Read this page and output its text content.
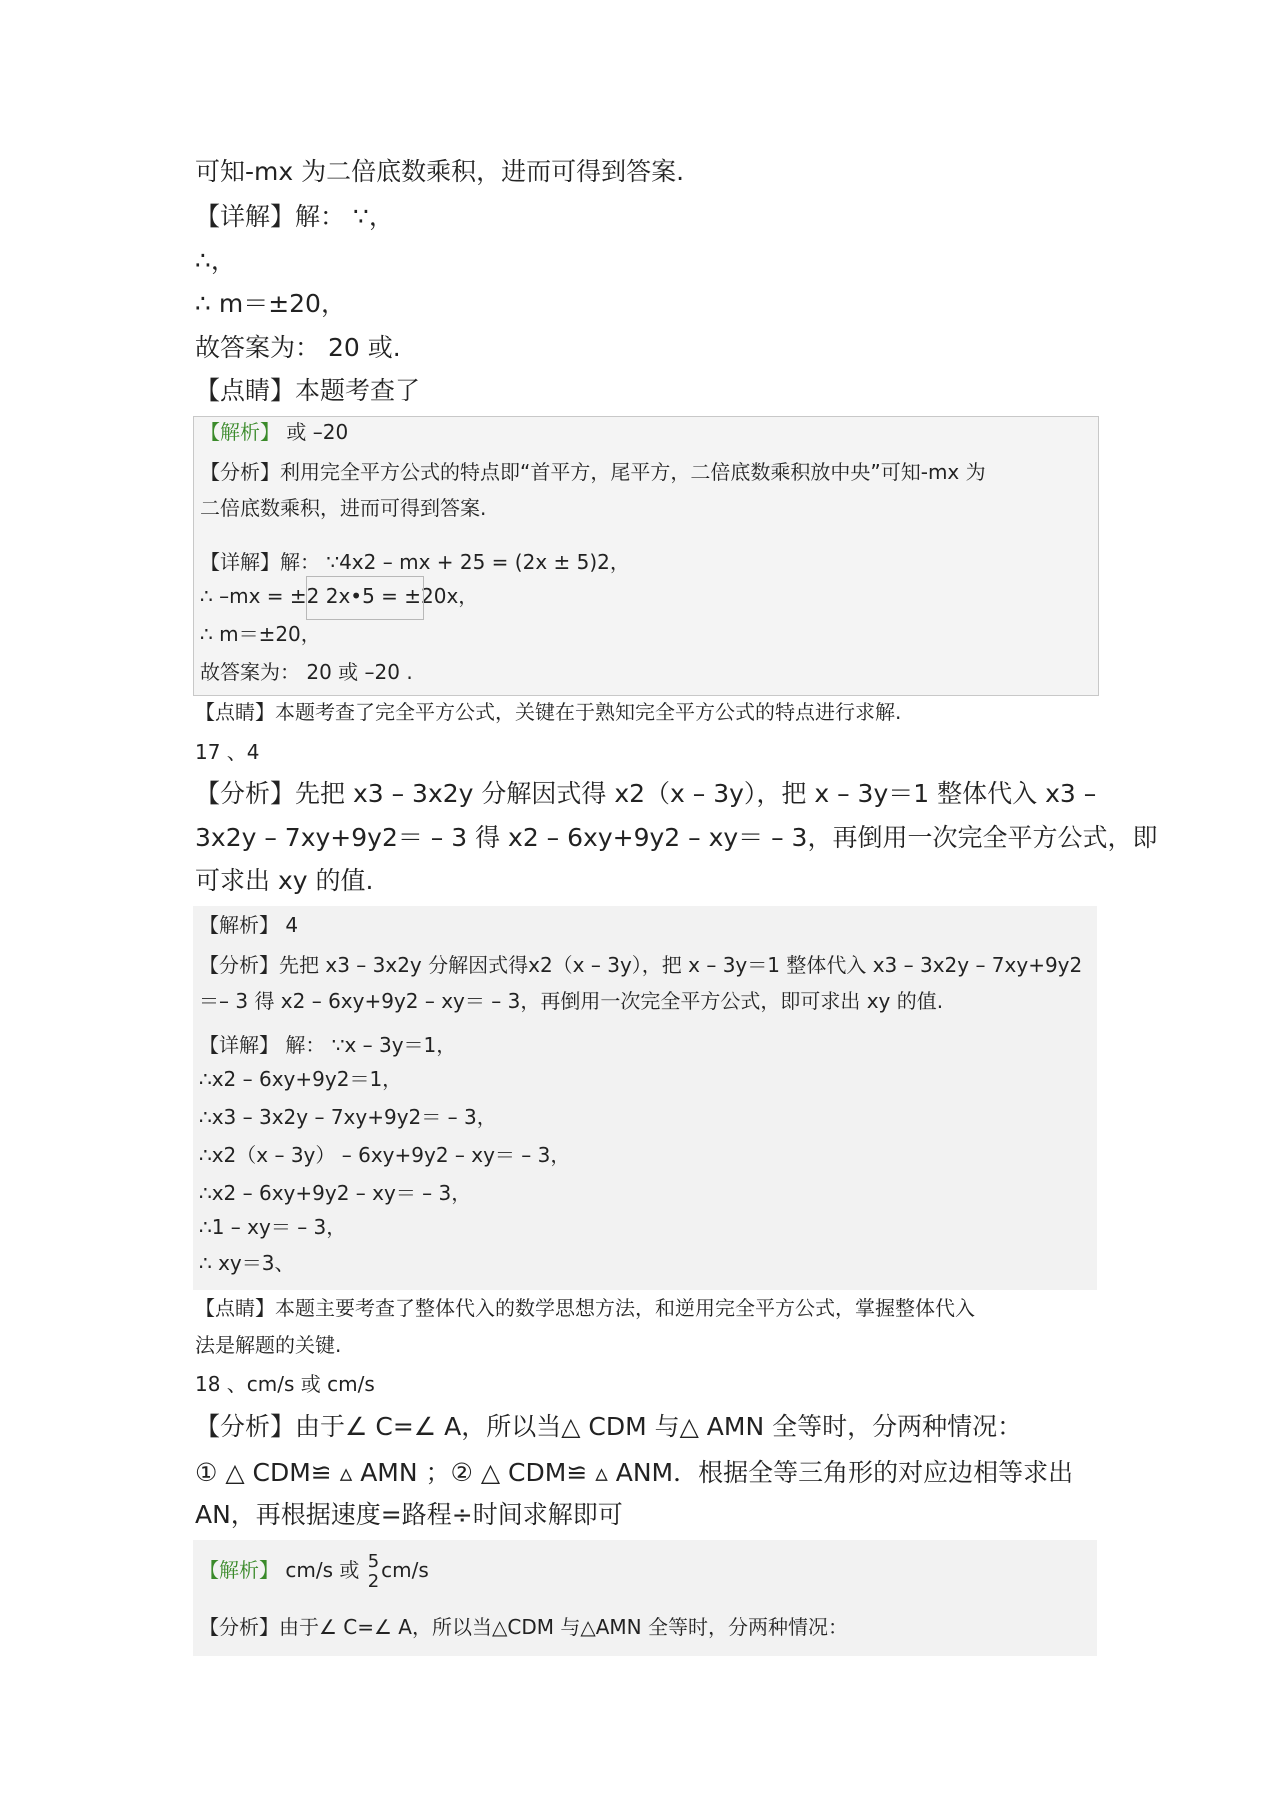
可知-mx 为二倍底数乘积，进而可得到答案.
【详解】解： ∵，
∴，
∴ m＝±20，
故答案为： 20 或.
【点睛】本题考查了
【解析】 或 –20
【分析】利用完全平方公式的特点即“首平方，尾平方，二倍底数乘积放中央”可知-mx 为
二倍底数乘积，进而可得到答案.
【详解】解： ∵4x2 – mx + 25 = (2x ± 5)2，
∴ –mx = ±2 2x•5 = ±20x，
∴ m＝±20，
故答案为： 20 或 –20 .
【点睛】本题考查了完全平方公式，关键在于熟知完全平方公式的特点进行求解.
17 、4
【分析】先把 x3 – 3x2y 分解因式得 x2（x – 3y），把 x – 3y＝1 整体代入 x3 –
3x2y – 7xy+9y2＝ – 3 得 x2 – 6xy+9y2 – xy＝ – 3，再倒用一次完全平方公式，即
可求出 xy 的值.
【解析】 4
【分析】先把 x3 – 3x2y 分解因式得x2（x – 3y），把 x – 3y＝1 整体代入 x3 – 3x2y – 7xy+9y2
＝– 3 得 x2 – 6xy+9y2 – xy＝ – 3，再倒用一次完全平方公式，即可求出 xy 的值.
【详解】 解： ∵x – 3y＝1，
∴x2 – 6xy+9y2＝1，
∴x3 – 3x2y – 7xy+9y2＝ – 3，
∴x2（x – 3y） – 6xy+9y2 – xy＝ – 3，
∴x2 – 6xy+9y2 – xy＝ – 3，
∴1 – xy＝ – 3，
∴ xy＝3、
【点睛】本题主要考查了整体代入的数学思想方法，和逆用完全平方公式，掌握整体代入
法是解题的关键.
18 、cm/s 或 cm/s
【分析】由于∠ C=∠ A，所以当△ CDM 与△ AMN 全等时，分两种情况：
① △ CDM≌ ▵ AMN ；② △ CDM≌ ▵ ANM．根据全等三角形的对应边相等求出
AN，再根据速度=路程÷时间求解即可
【解析】 cm/s 或 5
2 cm/s
【分析】由于∠ C=∠ A，所以当△CDM 与△AMN 全等时，分两种情况：
